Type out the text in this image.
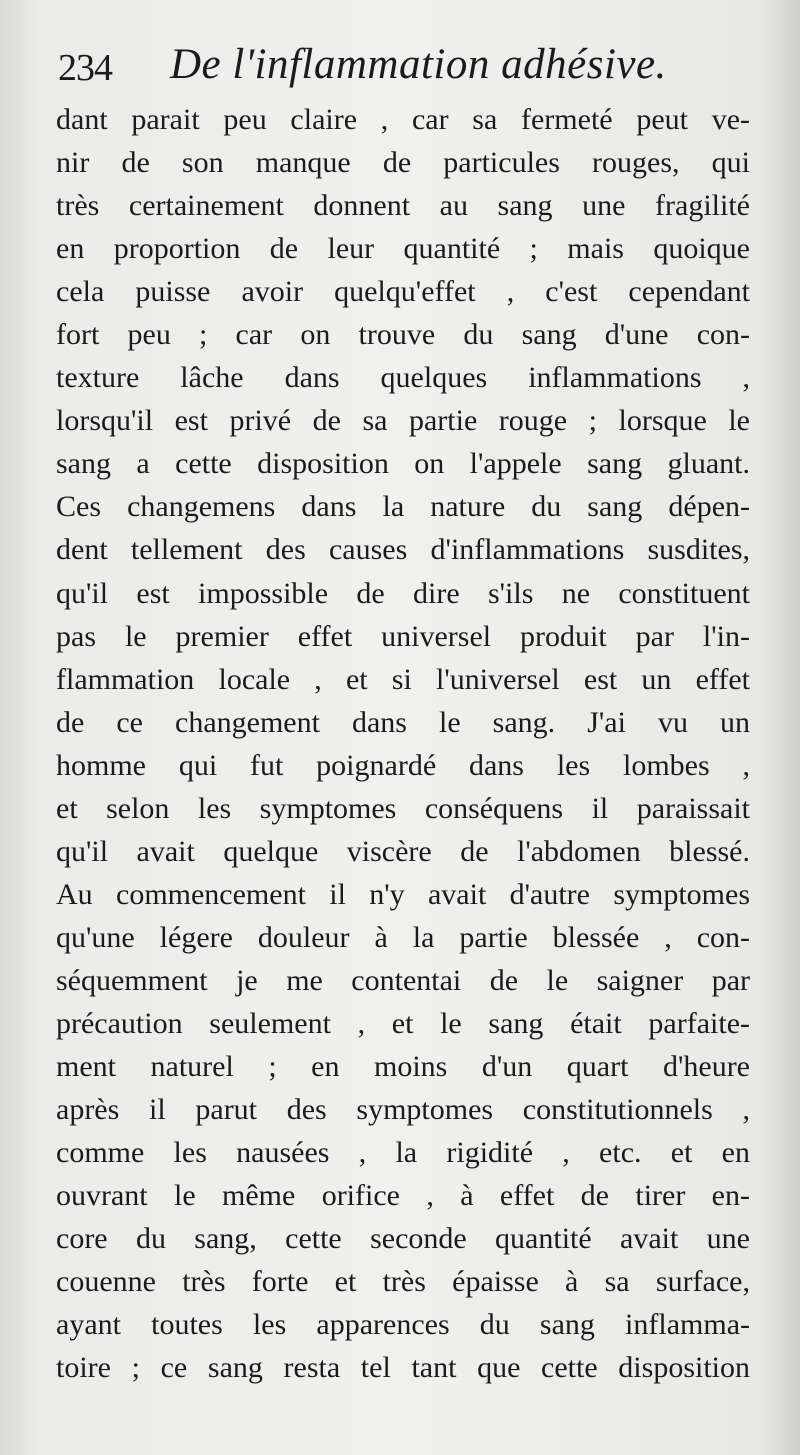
234 De l'inflammation adhésive.
dant parait peu claire , car sa fermeté peut ve-
nir de son manque de particules rouges, qui
très certainement donnent au sang une fragilité
en proportion de leur quantité ; mais quoique
cela puisse avoir quelqu'effet , c'est cependant
fort peu ; car on trouve du sang d'une con-
texture lâche dans quelques inflammations ,
lorsqu'il est privé de sa partie rouge ; lorsque le
sang a cette disposition on l'appele sang gluant.
Ces changemens dans la nature du sang dépen-
dent tellement des causes d'inflammations susdites,
qu'il est impossible de dire s'ils ne constituent
pas le premier effet universel produit par l'in-
flammation locale , et si l'universel est un effet
de ce changement dans le sang. J'ai vu un
homme qui fut poignardé dans les lombes ,
et selon les symptomes conséquens il paraissait
qu'il avait quelque viscère de l'abdomen blessé.
Au commencement il n'y avait d'autre symptomes
qu'une légere douleur à la partie blessée , con-
séquemment je me contentai de le saigner par
précaution seulement , et le sang était parfaite-
ment naturel ; en moins d'un quart d'heure
après il parut des symptomes constitutionnels ,
comme les nausées , la rigidité , etc. et en
ouvrant le même orifice , à effet de tirer en-
core du sang, cette seconde quantité avait une
couenne très forte et très épaisse à sa surface,
ayant toutes les apparences du sang inflamma-
toire ; ce sang resta tel tant que cette disposition
